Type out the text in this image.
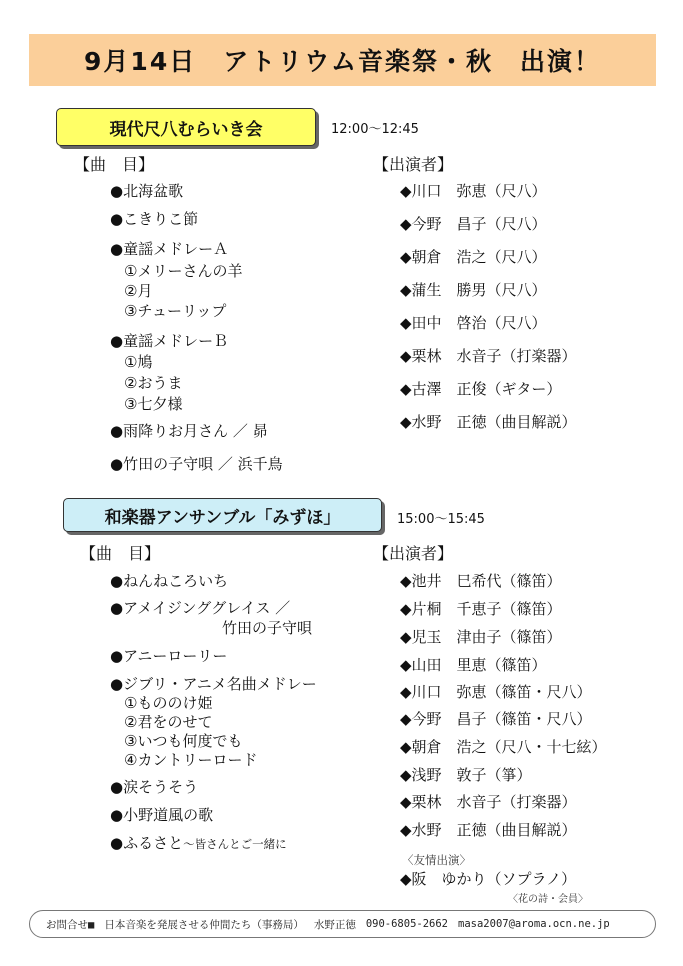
9月14日　アトリウム音楽祭・秋　出演！
現代尺八むらいき会	12:00～12:45
【曲　目】	【出演者】
●北海盆歌
●こきりこ節
●童謡メドレーＡ
①メリーさんの羊
②月
③チューリップ
●童謡メドレーＢ
①鳩
②おうま
③七夕様
●雨降りお月さん ／ 昴
●竹田の子守唄 ／ 浜千鳥
◆川口　弥恵（尺八）
◆今野　昌子（尺八）
◆朝倉　浩之（尺八）
◆蒲生　勝男（尺八）
◆田中　啓治（尺八）
◆栗林　水音子（打楽器）
◆古澤　正俊（ギター）
◆水野　正徳（曲目解説）
和楽器アンサンブル「みずほ」	15:00～15:45
【曲　目】	【出演者】
●ねんねころいち
●アメイジンググレイス ／
竹田の子守唄
●アニーローリー
●ジブリ・アニメ名曲メドレー
①もののけ姫
②君をのせて
③いつも何度でも
④カントリーロード
●涙そうそう
●小野道風の歌
●ふるさと～皆さんとご一緒に
◆池井　巳希代（篠笛）
◆片桐　千恵子（篠笛）
◆児玉　津由子（篠笛）
◆山田　里恵（篠笛）
◆川口　弥恵（篠笛・尺八）
◆今野　昌子（篠笛・尺八）
◆朝倉　浩之（尺八・十七絃）
◆浅野　敦子（箏）
◆栗林　水音子（打楽器）
◆水野　正徳（曲目解説）
〈友情出演〉
◆阪　ゆかり（ソプラノ）
〈花の詩・会員〉
お問合せ■ 日本音楽を発展させる仲間たち（事務局） 水野正徳 090-6805-2662 masa2007@aroma.ocn.ne.jp
